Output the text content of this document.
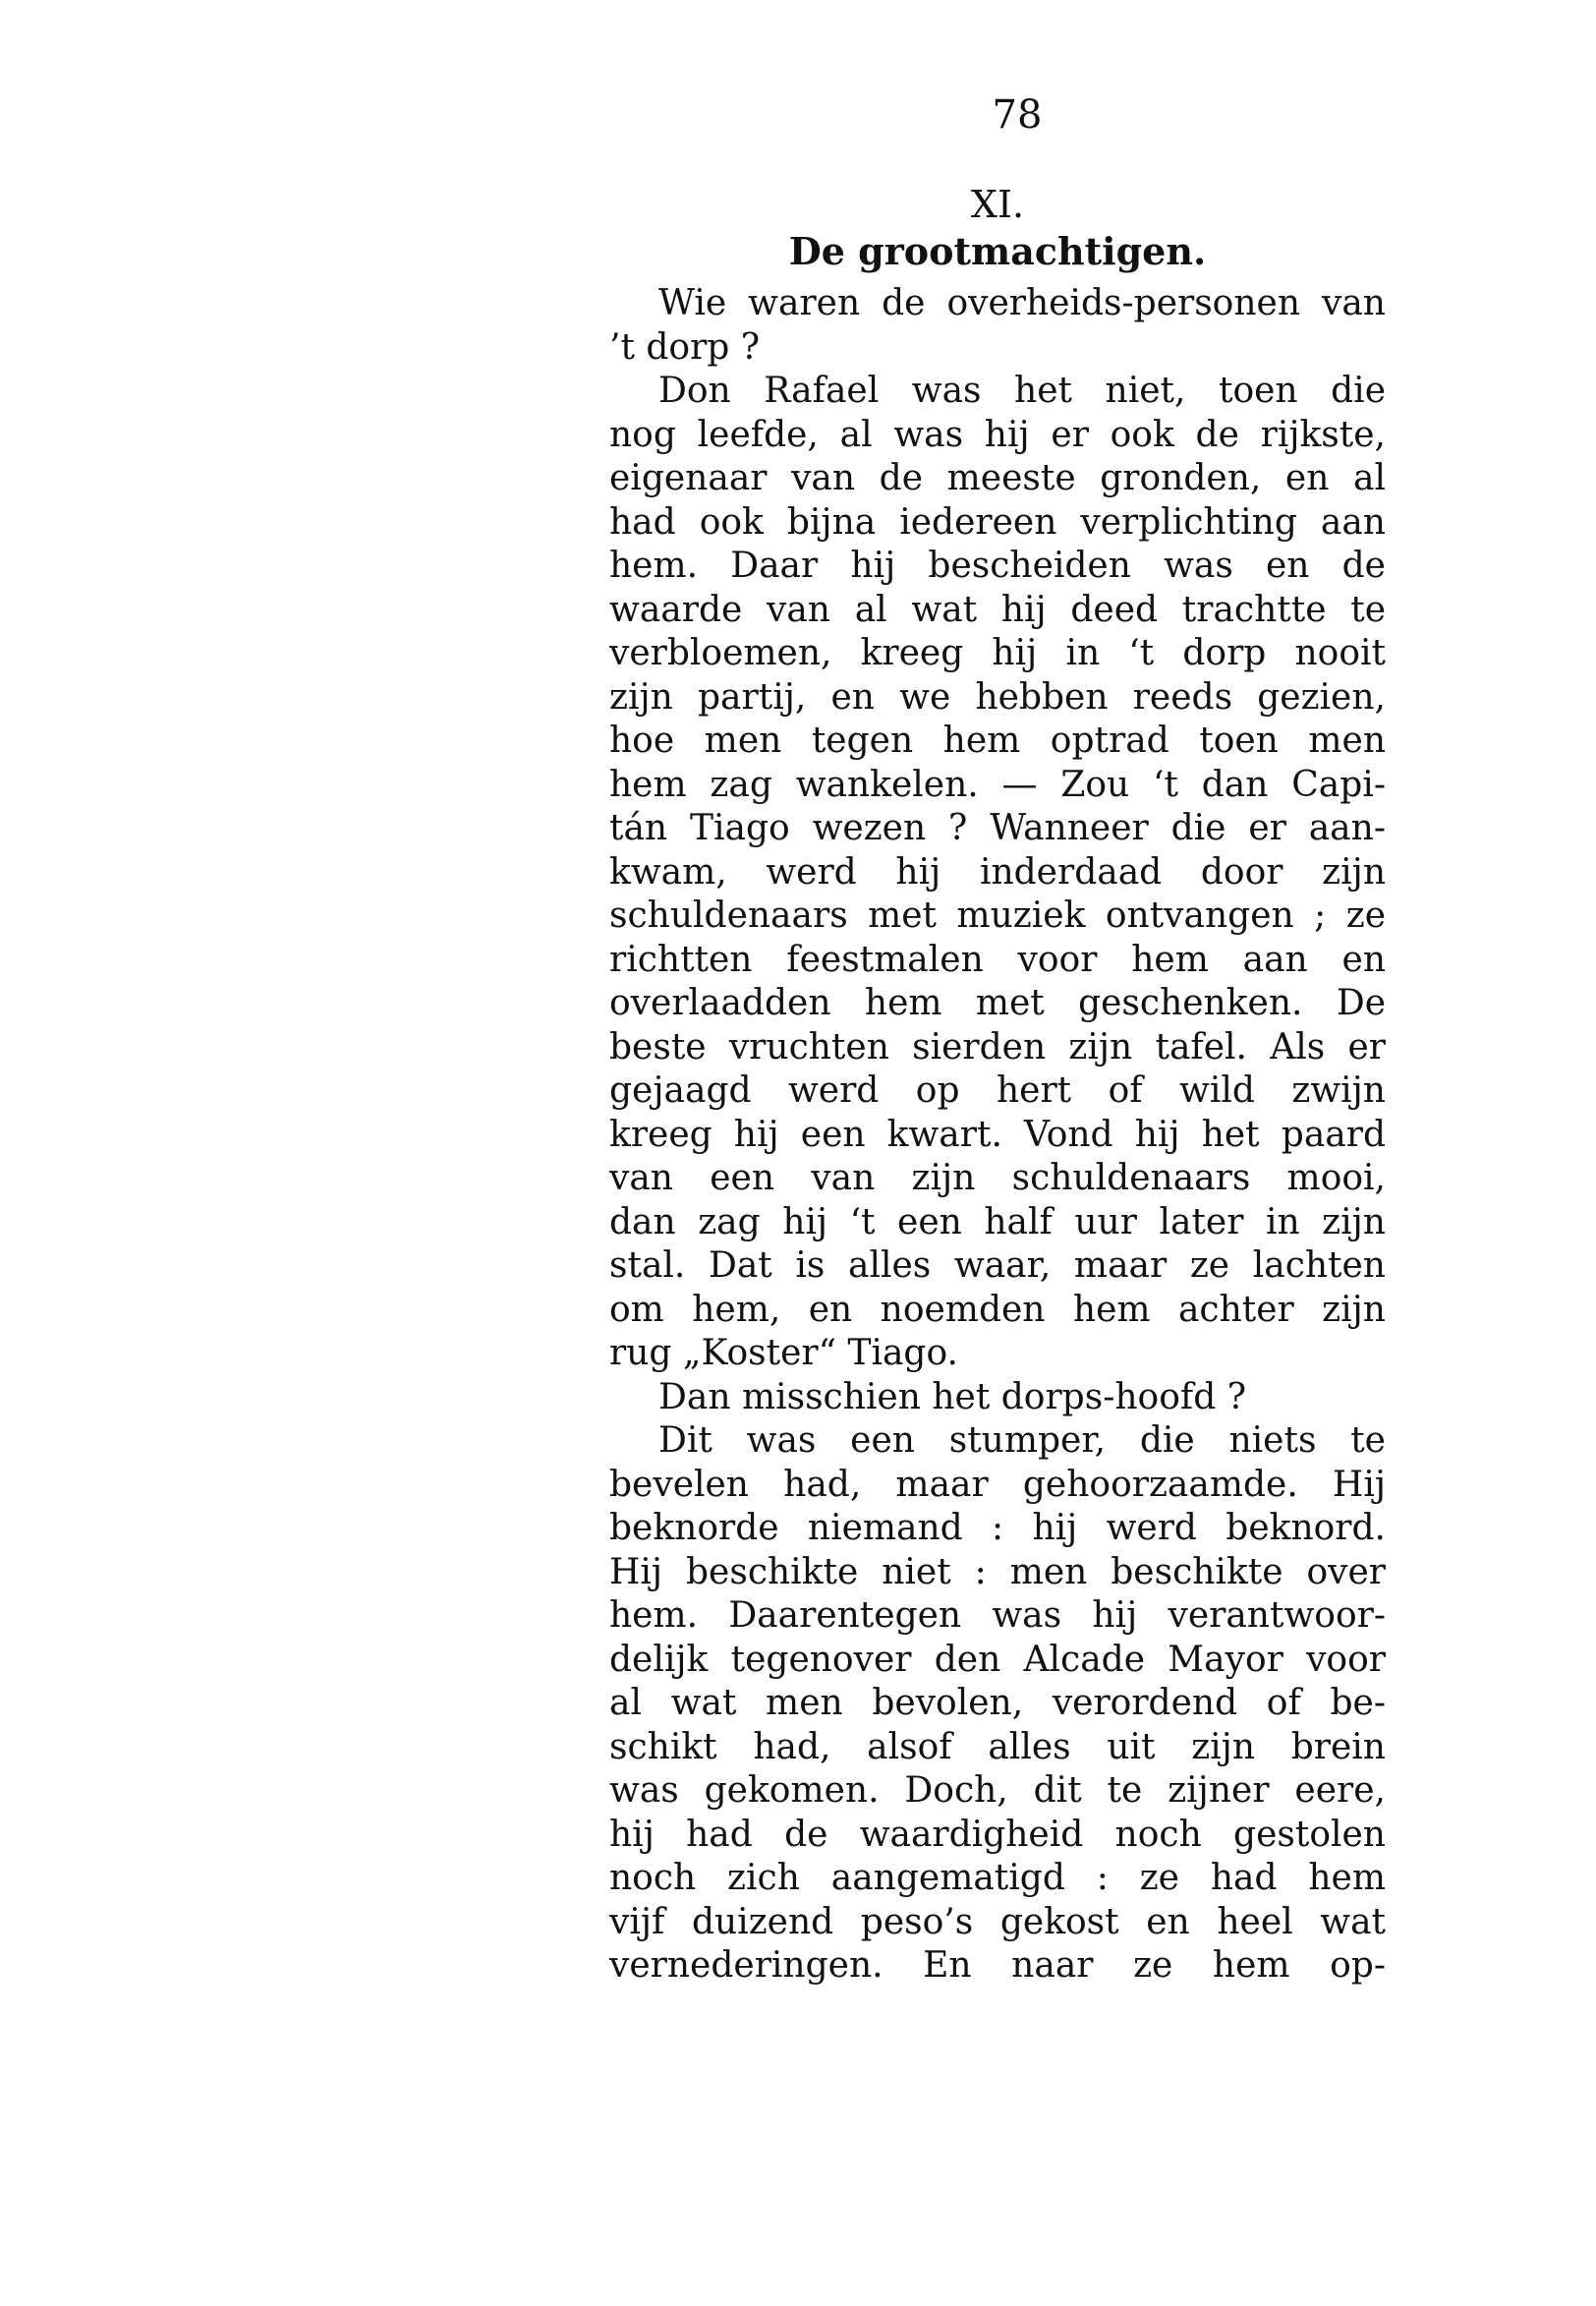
78
XI.
De grootmachtigen.
Wie waren de overheids-personen van
’t dorp ?
Don Rafael was het niet, toen die
nog leefde, al was hij er ook de rijkste,
eigenaar van de meeste gronden, en al
had ook bijna iedereen verplichting aan
hem. Daar hij bescheiden was en de
waarde van al wat hij deed trachtte te
verbloemen, kreeg hij in ‘t dorp nooit
zijn partij, en we hebben reeds gezien,
hoe men tegen hem optrad toen men
hem zag wankelen. — Zou ‘t dan Capi-
tán Tiago wezen ? Wanneer die er aan-
kwam, werd hij inderdaad door zijn
schuldenaars met muziek ontvangen ; ze
richtten feestmalen voor hem aan en
overlaadden hem met geschenken. De
beste vruchten sierden zijn tafel. Als er
gejaagd werd op hert of wild zwijn
kreeg hij een kwart. Vond hij het paard
van een van zijn schuldenaars mooi,
dan zag hij ‘t een half uur later in zijn
stal. Dat is alles waar, maar ze lachten
om hem, en noemden hem achter zijn
rug „Koster“ Tiago.
Dan misschien het dorps-hoofd ?
Dit was een stumper, die niets te
bevelen had, maar gehoorzaamde. Hij
beknorde niemand : hij werd beknord.
Hij beschikte niet : men beschikte over
hem. Daarentegen was hij verantwoor-
delijk tegenover den Alcade Mayor voor
al wat men bevolen, verordend of be-
schikt had, alsof alles uit zijn brein
was gekomen. Doch, dit te zijner eere,
hij had de waardigheid noch gestolen
noch zich aangematigd : ze had hem
vijf duizend peso’s gekost en heel wat
vernederingen. En naar ze hem op-
